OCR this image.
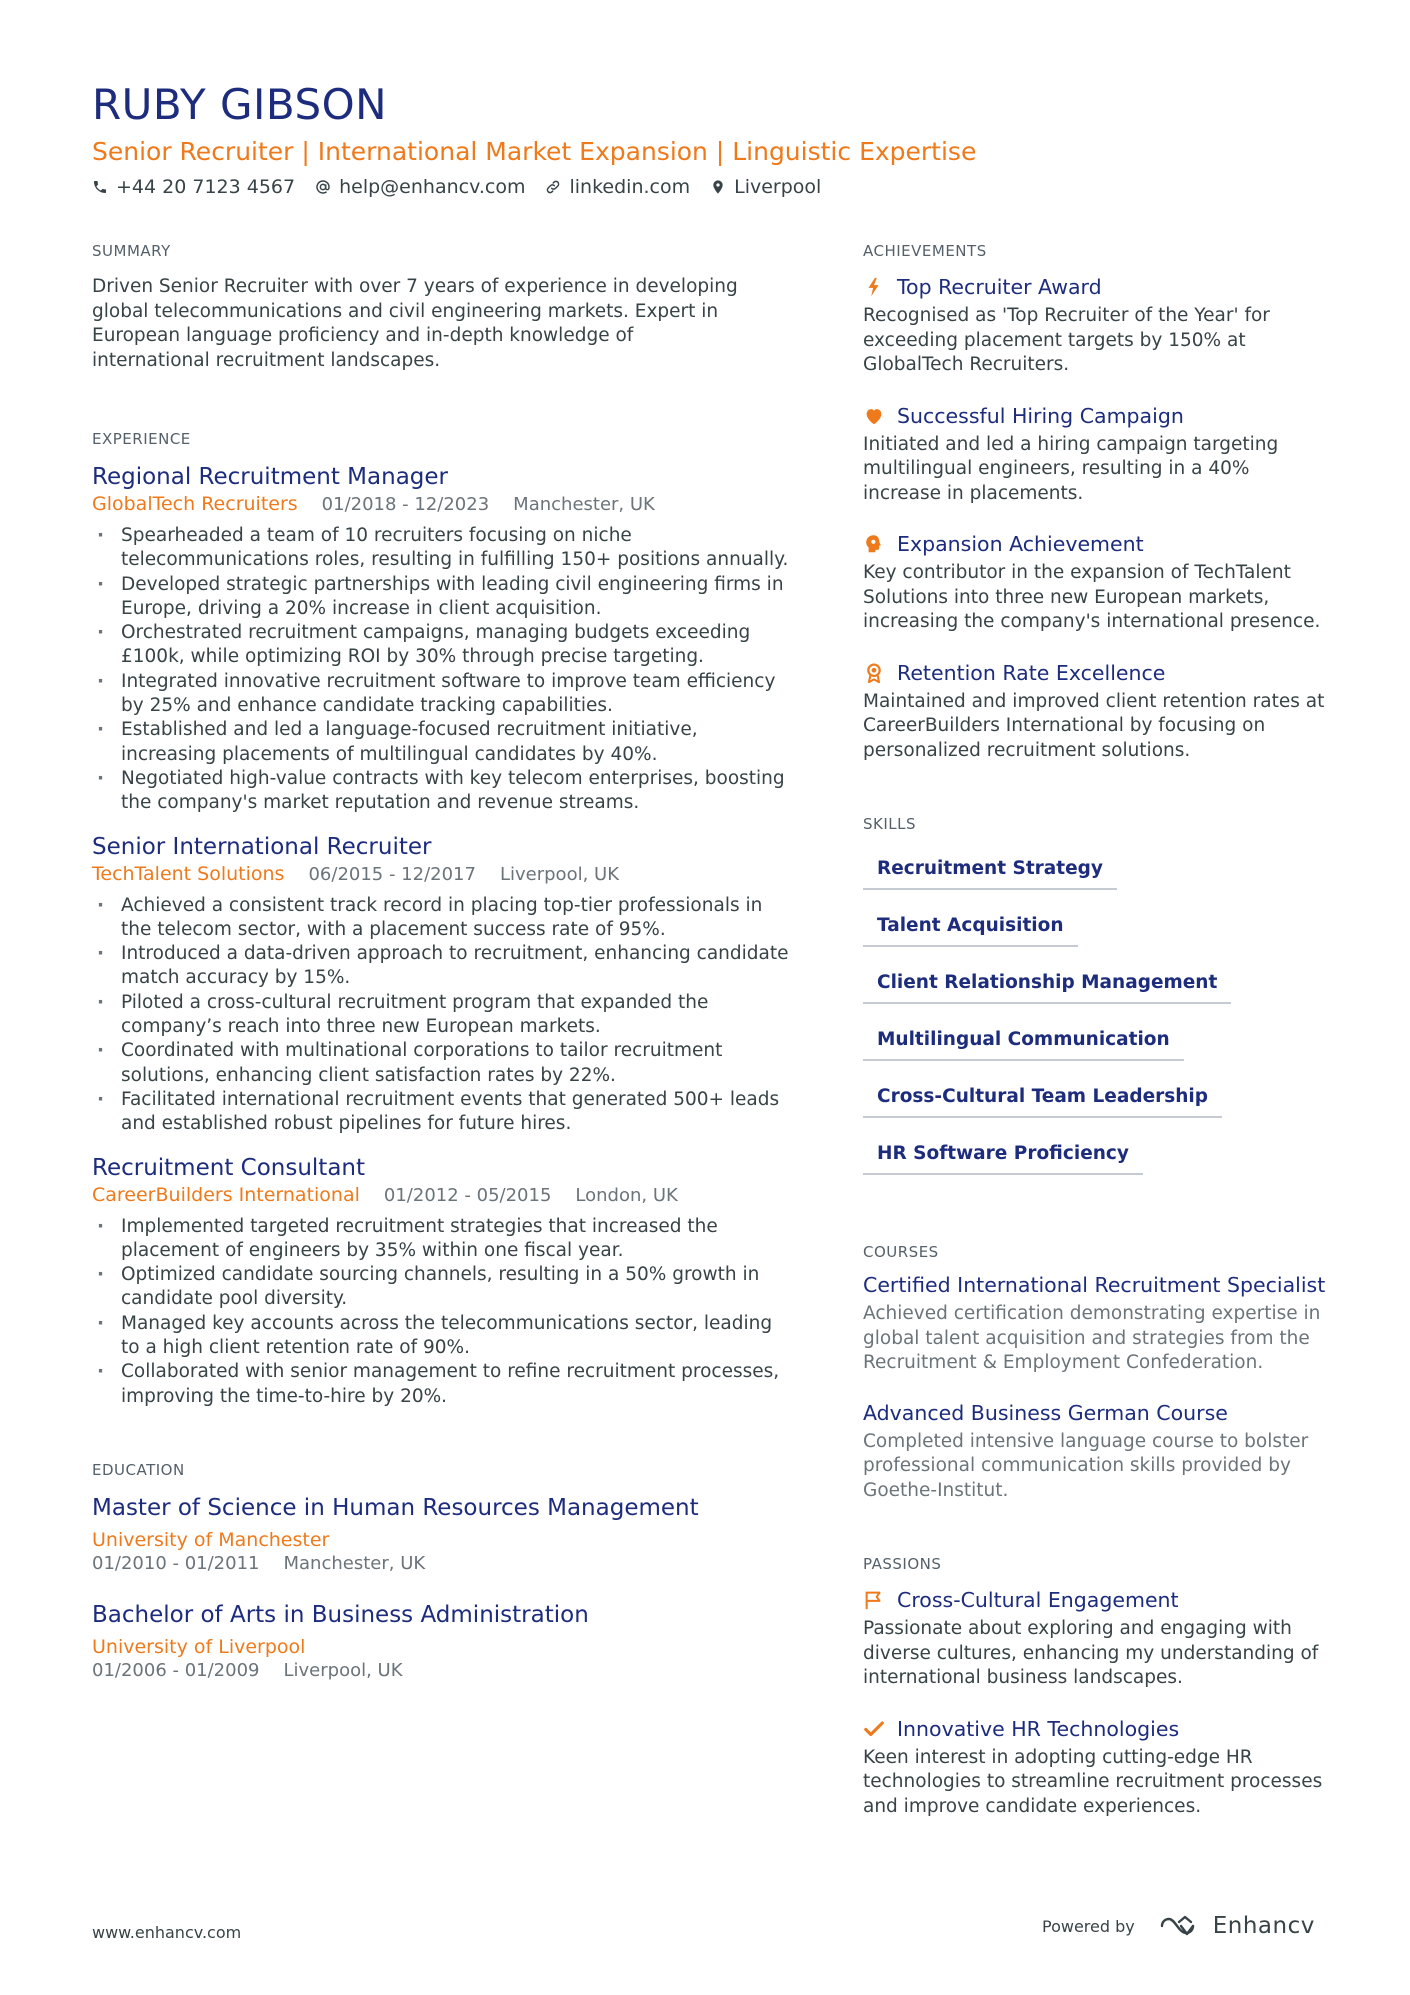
RUBY GIBSON
Senior Recruiter | International Market Expansion | Linguistic Expertise
+44 20 7123 4567 help@enhancv.com linkedin.com Liverpool
SUMMARY
Driven Senior Recruiter with over 7 years of experience in developing global telecommunications and civil engineering markets. Expert in European language proficiency and in-depth knowledge of international recruitment landscapes.
EXPERIENCE
Regional Recruitment Manager
GlobalTech Recruiters 01/2018 - 12/2023 Manchester, UK
· Spearheaded a team of 10 recruiters focusing on niche telecommunications roles, resulting in fulfilling 150+ positions annually.
· Developed strategic partnerships with leading civil engineering firms in Europe, driving a 20% increase in client acquisition.
· Orchestrated recruitment campaigns, managing budgets exceeding £100k, while optimizing ROI by 30% through precise targeting.
· Integrated innovative recruitment software to improve team efficiency by 25% and enhance candidate tracking capabilities.
· Established and led a language-focused recruitment initiative, increasing placements of multilingual candidates by 40%.
· Negotiated high-value contracts with key telecom enterprises, boosting the company's market reputation and revenue streams.
Senior International Recruiter
TechTalent Solutions 06/2015 - 12/2017 Liverpool, UK
· Achieved a consistent track record in placing top-tier professionals in the telecom sector, with a placement success rate of 95%.
· Introduced a data-driven approach to recruitment, enhancing candidate match accuracy by 15%.
· Piloted a cross-cultural recruitment program that expanded the company’s reach into three new European markets.
· Coordinated with multinational corporations to tailor recruitment solutions, enhancing client satisfaction rates by 22%.
· Facilitated international recruitment events that generated 500+ leads and established robust pipelines for future hires.
Recruitment Consultant
CareerBuilders International 01/2012 - 05/2015 London, UK
· Implemented targeted recruitment strategies that increased the placement of engineers by 35% within one fiscal year.
· Optimized candidate sourcing channels, resulting in a 50% growth in candidate pool diversity.
· Managed key accounts across the telecommunications sector, leading to a high client retention rate of 90%.
· Collaborated with senior management to refine recruitment processes, improving the time-to-hire by 20%.
EDUCATION
Master of Science in Human Resources Management
University of Manchester
01/2010 - 01/2011 Manchester, UK
Bachelor of Arts in Business Administration
University of Liverpool
01/2006 - 01/2009 Liverpool, UK
ACHIEVEMENTS
Top Recruiter Award
Recognised as 'Top Recruiter of the Year' for exceeding placement targets by 150% at GlobalTech Recruiters.
Successful Hiring Campaign
Initiated and led a hiring campaign targeting multilingual engineers, resulting in a 40% increase in placements.
Expansion Achievement
Key contributor in the expansion of TechTalent Solutions into three new European markets, increasing the company's international presence.
Retention Rate Excellence
Maintained and improved client retention rates at CareerBuilders International by focusing on personalized recruitment solutions.
SKILLS
Recruitment Strategy
Talent Acquisition
Client Relationship Management
Multilingual Communication
Cross-Cultural Team Leadership
HR Software Proficiency
COURSES
Certified International Recruitment Specialist
Achieved certification demonstrating expertise in global talent acquisition and strategies from the Recruitment & Employment Confederation.
Advanced Business German Course
Completed intensive language course to bolster professional communication skills provided by Goethe-Institut.
PASSIONS
Cross-Cultural Engagement
Passionate about exploring and engaging with diverse cultures, enhancing my understanding of international business landscapes.
Innovative HR Technologies
Keen interest in adopting cutting-edge HR technologies to streamline recruitment processes and improve candidate experiences.
www.enhancv.com	Powered by	Enhancv
